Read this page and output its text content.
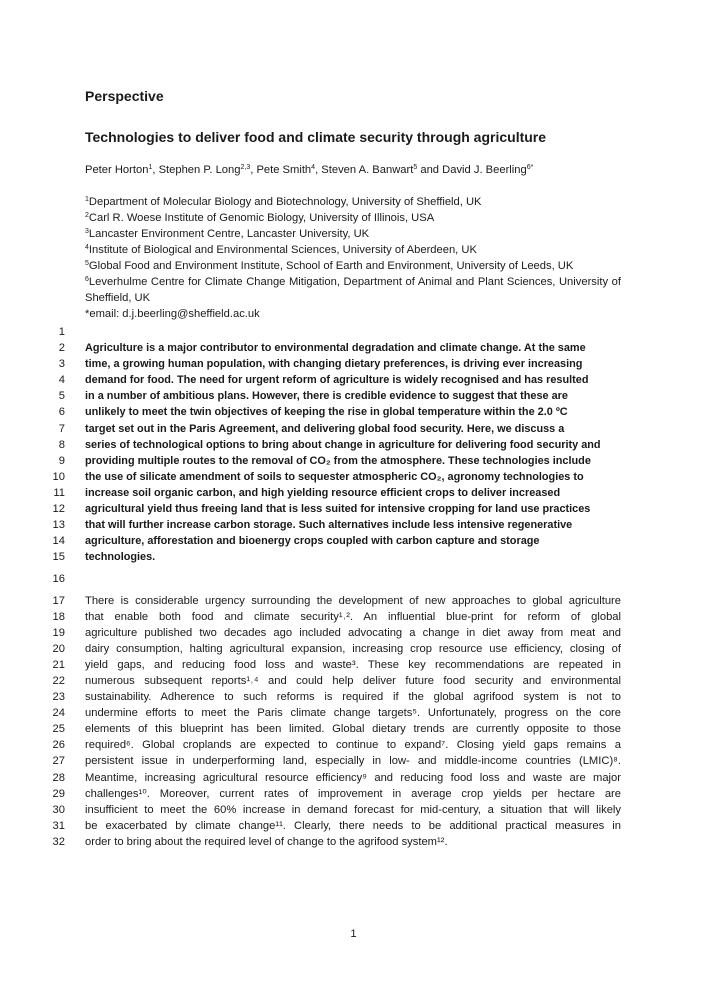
Perspective
Technologies to deliver food and climate security through agriculture
Peter Horton$^1$, Stephen P. Long$^{2,3}$, Pete Smith$^4$, Steven A. Banwart$^5$ and David J. Beerling$^{6*}$
$^1$Department of Molecular Biology and Biotechnology, University of Sheffield, UK
$^2$Carl R. Woese Institute of Genomic Biology, University of Illinois, USA
$^3$Lancaster Environment Centre, Lancaster University, UK
$^4$Institute of Biological and Environmental Sciences, University of Aberdeen, UK
$^5$Global Food and Environment Institute, School of Earth and Environment, University of Leeds, UK
$^6$Leverhulme Centre for Climate Change Mitigation, Department of Animal and Plant Sciences, University of Sheffield, UK
*email: d.j.beerling@sheffield.ac.uk
1
2 Agriculture is a major contributor to environmental degradation and climate change. At the same
3 time, a growing human population, with changing dietary preferences, is driving ever increasing
4 demand for food. The need for urgent reform of agriculture is widely recognised and has resulted
5 in a number of ambitious plans. However, there is credible evidence to suggest that these are
6 unlikely to meet the twin objectives of keeping the rise in global temperature within the 2.0 ºC
7 target set out in the Paris Agreement, and delivering global food security. Here, we discuss a
8 series of technological options to bring about change in agriculture for delivering food security and
9 providing multiple routes to the removal of CO₂ from the atmosphere. These technologies include
10 the use of silicate amendment of soils to sequester atmospheric CO₂, agronomy technologies to
11 increase soil organic carbon, and high yielding resource efficient crops to deliver increased
12 agricultural yield thus freeing land that is less suited for intensive cropping for land use practices
13 that will further increase carbon storage. Such alternatives include less intensive regenerative
14 agriculture, afforestation and bioenergy crops coupled with carbon capture and storage
15 technologies.
16
17 There is considerable urgency surrounding the development of new approaches to global agriculture
18 that enable both food and climate security¹˒². An influential blue-print for reform of global
19 agriculture published two decades ago included advocating a change in diet away from meat and
20 dairy consumption, halting agricultural expansion, increasing crop resource use efficiency, closing of
21 yield gaps, and reducing food loss and waste³. These key recommendations are repeated in
22 numerous subsequent reports¹˒⁴ and could help deliver future food security and environmental
23 sustainability. Adherence to such reforms is required if the global agrifood system is not to
24 undermine efforts to meet the Paris climate change targets⁵. Unfortunately, progress on the core
25 elements of this blueprint has been limited. Global dietary trends are currently opposite to those
26 required⁶. Global croplands are expected to continue to expand⁷. Closing yield gaps remains a
27 persistent issue in underperforming land, especially in low- and middle-income countries (LMIC)⁸.
28 Meantime, increasing agricultural resource efficiency⁹ and reducing food loss and waste are major
29 challenges¹⁰. Moreover, current rates of improvement in average crop yields per hectare are
30 insufficient to meet the 60% increase in demand forecast for mid-century, a situation that will likely
31 be exacerbated by climate change¹¹. Clearly, there needs to be additional practical measures in
32 order to bring about the required level of change to the agrifood system¹².
1
